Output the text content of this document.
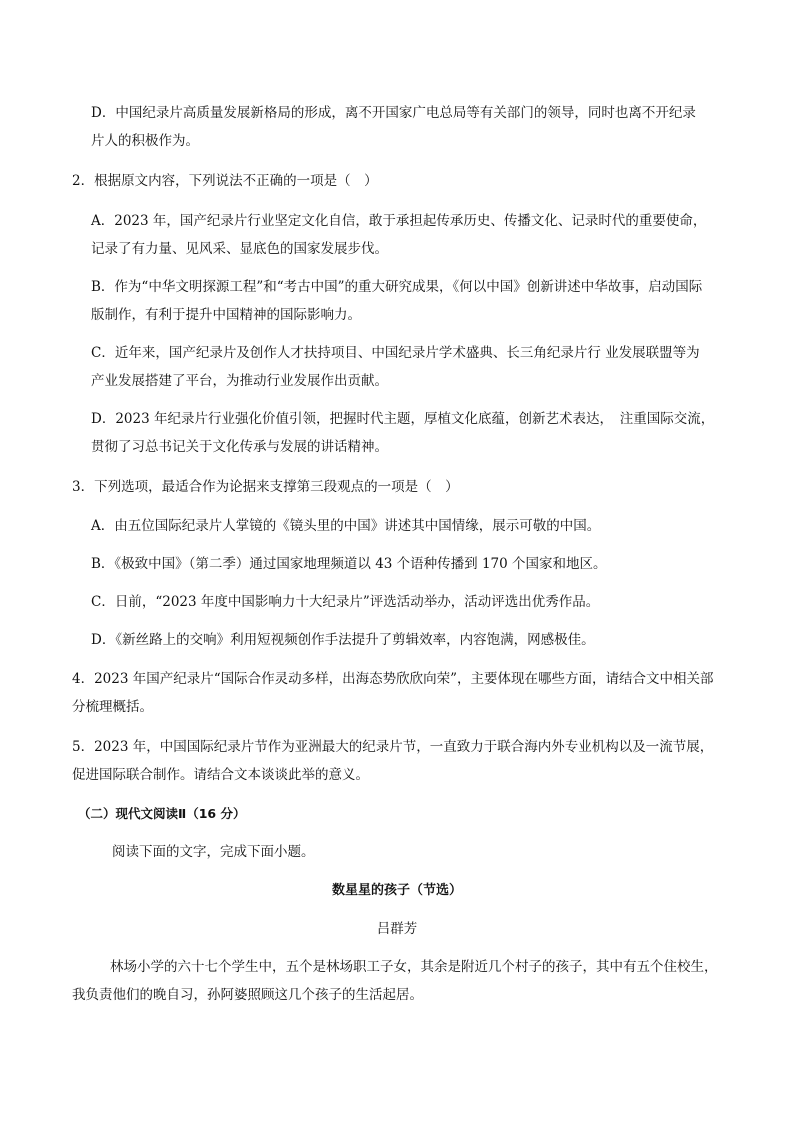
D．中国纪录片高质量发展新格局的形成，离不开国家广电总局等有关部门的领导，同时也离不开纪录
片人的积极作为。
2．根据原文内容，下列说法不正确的一项是（　）
A．2023 年，国产纪录片行业坚定文化自信，敢于承担起传承历史、传播文化、记录时代的重要使命，
记录了有力量、见风采、显底色的国家发展步伐。
B．作为“中华文明探源工程”和“考古中国”的重大研究成果，《何以中国》创新讲述中华故事，启动国际
版制作，有利于提升中国精神的国际影响力。
C．近年来，国产纪录片及创作人才扶持项目、中国纪录片学术盛典、长三角纪录片行 业发展联盟等为
产业发展搭建了平台，为推动行业发展作出贡献。
D．2023 年纪录片行业强化价值引领，把握时代主题，厚植文化底蕴，创新艺术表达，　注重国际交流，
贯彻了习总书记关于文化传承与发展的讲话精神。
3．下列选项，最适合作为论据来支撑第三段观点的一项是（　）
A．由五位国际纪录片人掌镜的《镜头里的中国》讲述其中国情缘，展示可敬的中国。
B．《极致中国》（第二季）通过国家地理频道以 43 个语种传播到 170 个国家和地区。
C．日前，“2023 年度中国影响力十大纪录片”评选活动举办，活动评选出优秀作品。
D．《新丝路上的交响》利用短视频创作手法提升了剪辑效率，内容饱满，网感极佳。
4．2023 年国产纪录片“国际合作灵动多样，出海态势欣欣向荣”，主要体现在哪些方面，请结合文中相关部
分梳理概括。
5．2023 年，中国国际纪录片节作为亚洲最大的纪录片节，一直致力于联合海内外专业机构以及一流节展，
促进国际联合制作。请结合文本谈谈此举的意义。
（二）现代文阅读Ⅱ（16 分）
阅读下面的文字，完成下面小题。
数星星的孩子（节选）
吕群芳
林场小学的六十七个学生中，五个是林场职工子女，其余是附近几个村子的孩子，其中有五个住校生，
我负责他们的晚自习，孙阿婆照顾这几个孩子的生活起居。
